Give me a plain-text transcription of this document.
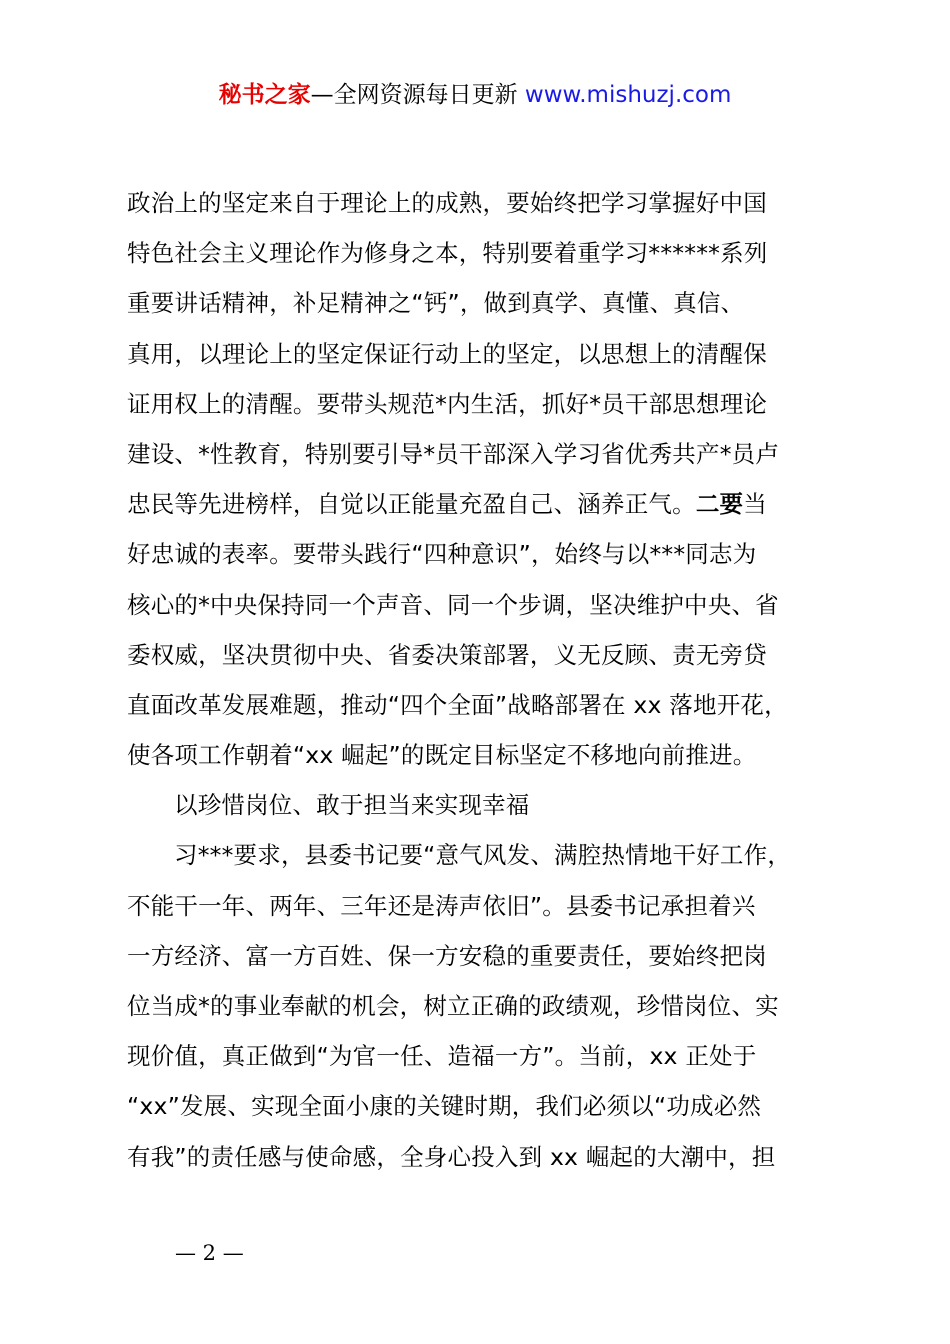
秘书之家—全网资源每日更新 www.mishuzj.com
政治上的坚定来自于理论上的成熟，要始终把学习掌握好中国
特色社会主义理论作为修身之本，特别要着重学习******系列
重要讲话精神，补足精神之“钙”，做到真学、真懂、真信、
真用，以理论上的坚定保证行动上的坚定，以思想上的清醒保
证用权上的清醒。要带头规范*内生活，抓好*员干部思想理论
建设、*性教育，特别要引导*员干部深入学习省优秀共产*员卢
忠民等先进榜样，自觉以正能量充盈自己、涵养正气。二要当
好忠诚的表率。要带头践行“四种意识”，始终与以***同志为
核心的*中央保持同一个声音、同一个步调，坚决维护中央、省
委权威，坚决贯彻中央、省委决策部署，义无反顾、责无旁贷
直面改革发展难题，推动“四个全面”战略部署在 xx 落地开花，
使各项工作朝着“xx 崛起”的既定目标坚定不移地向前推进。
以珍惜岗位、敢于担当来实现幸福
习***要求，县委书记要“意气风发、满腔热情地干好工作，
不能干一年、两年、三年还是涛声依旧”。县委书记承担着兴
一方经济、富一方百姓、保一方安稳的重要责任，要始终把岗
位当成*的事业奉献的机会，树立正确的政绩观，珍惜岗位、实
现价值，真正做到“为官一任、造福一方”。当前，xx 正处于
“xx”发展、实现全面小康的关键时期，我们必须以“功成必然
有我”的责任感与使命感，全身心投入到 xx 崛起的大潮中，担
— 2 —
